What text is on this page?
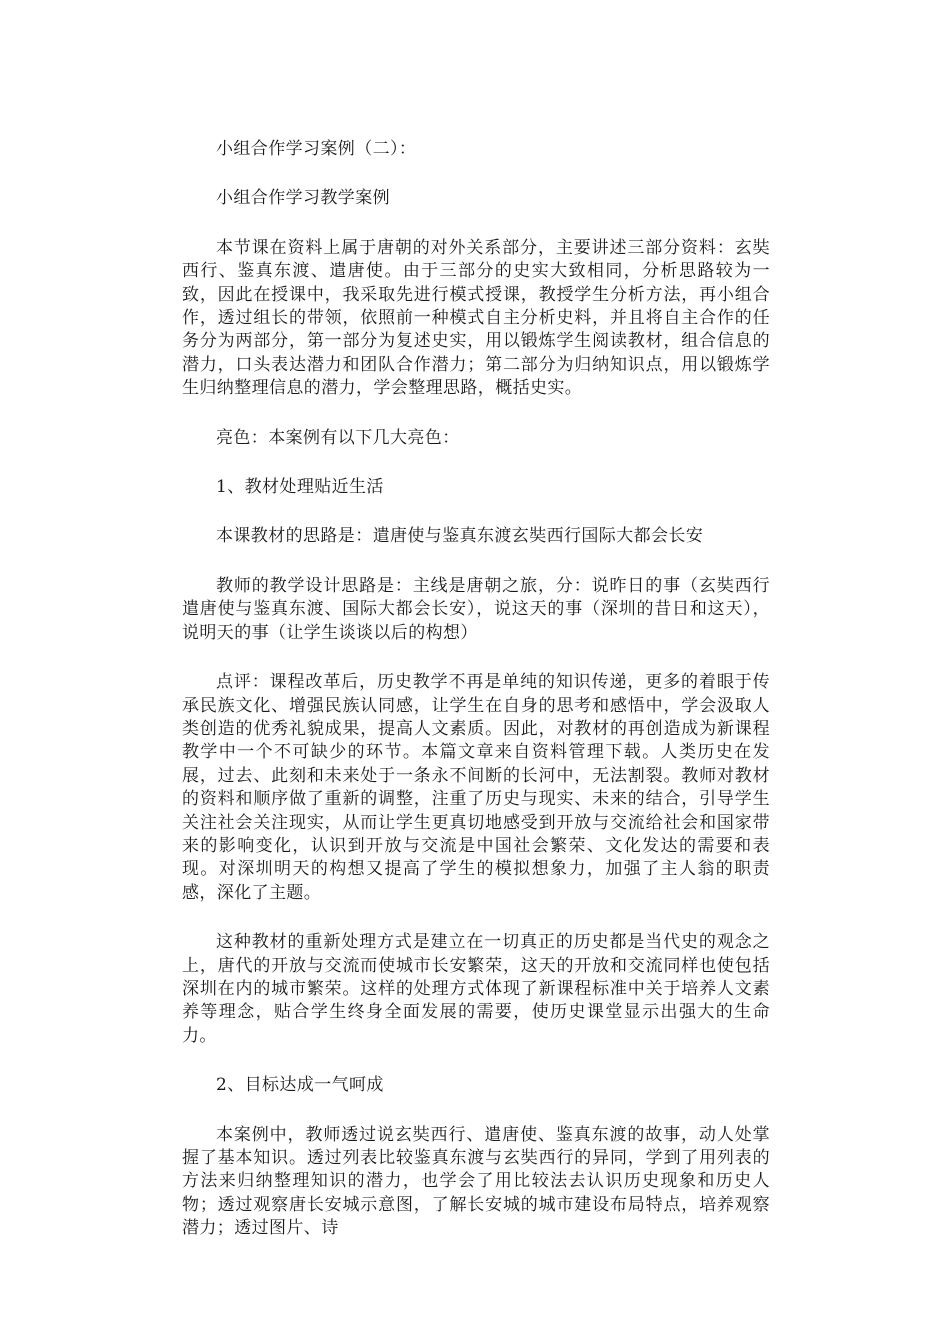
小组合作学习案例（二）：

小组合作学习教学案例

本节课在资料上属于唐朝的对外关系部分，主要讲述三部分资料：玄奘西行、鉴真东渡、遣唐使。由于三部分的史实大致相同，分析思路较为一致，因此在授课中，我采取先进行模式授课，教授学生分析方法，再小组合作，透过组长的带领，依照前一种模式自主分析史料，并且将自主合作的任务分为两部分，第一部分为复述史实，用以锻炼学生阅读教材，组合信息的潜力，口头表达潜力和团队合作潜力；第二部分为归纳知识点，用以锻炼学生归纳整理信息的潜力，学会整理思路，概括史实。

亮色：本案例有以下几大亮色：

1、教材处理贴近生活

本课教材的思路是：遣唐使与鉴真东渡玄奘西行国际大都会长安

教师的教学设计思路是：主线是唐朝之旅，分：说昨日的事（玄奘西行遣唐使与鉴真东渡、国际大都会长安），说这天的事（深圳的昔日和这天），说明天的事（让学生谈谈以后的构想）

点评：课程改革后，历史教学不再是单纯的知识传递，更多的着眼于传承民族文化、增强民族认同感，让学生在自身的思考和感悟中，学会汲取人类创造的优秀礼貌成果，提高人文素质。因此，对教材的再创造成为新课程教学中一个不可缺少的环节。本篇文章来自资料管理下载。人类历史在发展，过去、此刻和未来处于一条永不间断的长河中，无法割裂。教师对教材的资料和顺序做了重新的调整，注重了历史与现实、未来的结合，引导学生关注社会关注现实，从而让学生更真切地感受到开放与交流给社会和国家带来的影响变化，认识到开放与交流是中国社会繁荣、文化发达的需要和表现。对深圳明天的构想又提高了学生的模拟想象力，加强了主人翁的职责感，深化了主题。

这种教材的重新处理方式是建立在一切真正的历史都是当代史的观念之上，唐代的开放与交流而使城市长安繁荣，这天的开放和交流同样也使包括深圳在内的城市繁荣。这样的处理方式体现了新课程标准中关于培养人文素养等理念，贴合学生终身全面发展的需要，使历史课堂显示出强大的生命力。

2、目标达成一气呵成

本案例中，教师透过说玄奘西行、遣唐使、鉴真东渡的故事，动人处掌握了基本知识。透过列表比较鉴真东渡与玄奘西行的异同，学到了用列表的方法来归纳整理知识的潜力，也学会了用比较法去认识历史现象和历史人物；透过观察唐长安城示意图，了解长安城的城市建设布局特点，培养观察潜力；透过图片、诗
